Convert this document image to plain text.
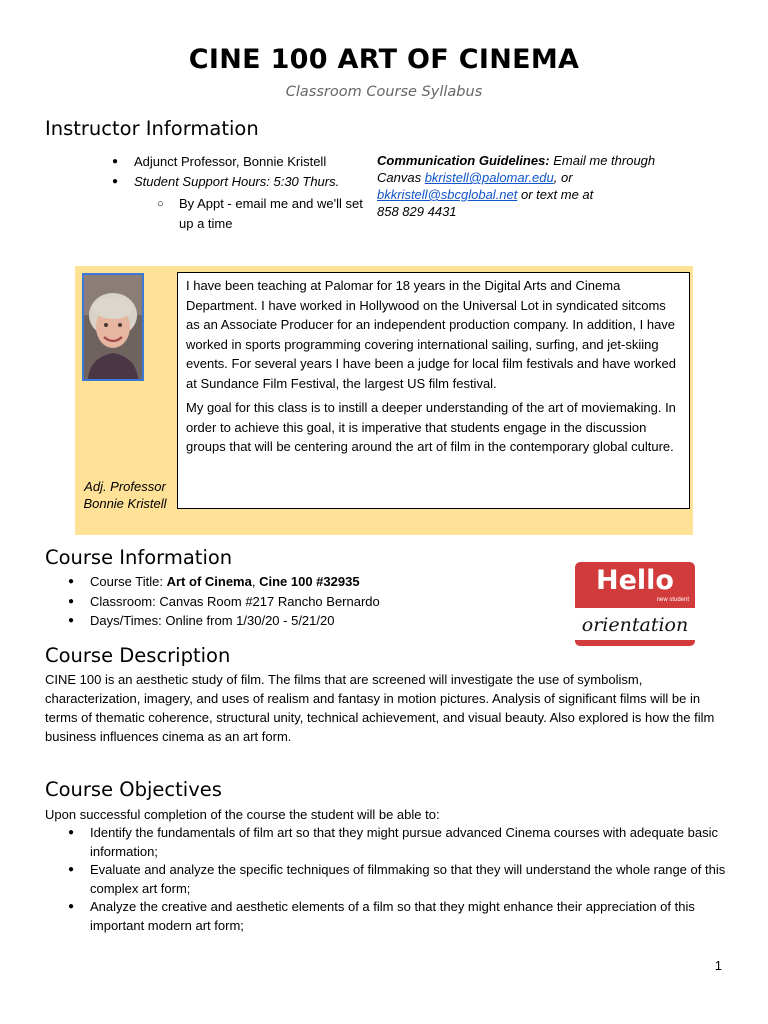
CINE 100 ART OF CINEMA
Classroom Course Syllabus
Instructor Information
● Adjunct Professor, Bonnie Kristell
● Student Support Hours: 5:30 Thurs.
○ By Appt - email me and we'll set up a time
Communication Guidelines: Email me through Canvas bkristell@palomar.edu, or
bkkristell@sbcglobal.net or text me at
858 829 4431
Adj. Professor Bonnie Kristell

I have been teaching at Palomar for 18 years in the Digital Arts and Cinema Department. I have worked in Hollywood on the Universal Lot in syndicated sitcoms as an Associate Producer for an independent production company. In addition, I have worked in sports programming covering international sailing, surfing, and jet-skiing events. For several years I have been a judge for local film festivals and have worked at Sundance Film Festival, the largest US film festival.

My goal for this class is to instill a deeper understanding of the art of moviemaking. In order to achieve this goal, it is imperative that students engage in the discussion groups that will be centering around the art of film in the contemporary global culture.

Course Information
● Course Title: Art of Cinema, Cine 100 #32935
● Classroom: Canvas Room #217 Rancho Bernardo
● Days/Times: Online from 1/30/20 - 5/21/20
Hello
new student
orientation
Course Description

CINE 100 is an aesthetic study of film. The films that are screened will investigate the use of symbolism, characterization, imagery, and uses of realism and fantasy in motion pictures. Analysis of significant films will be in terms of thematic coherence, structural unity, technical achievement, and visual beauty. Also explored is how the film business influences cinema as an art form.

Course Objectives

Upon successful completion of the course the student will be able to:

● Identify the fundamentals of film art so that they might pursue advanced Cinema courses with adequate basic information;
● Evaluate and analyze the specific techniques of filmmaking so that they will understand the whole range of this complex art form;
● Analyze the creative and aesthetic elements of a film so that they might enhance their appreciation of this important modern art form;
1
